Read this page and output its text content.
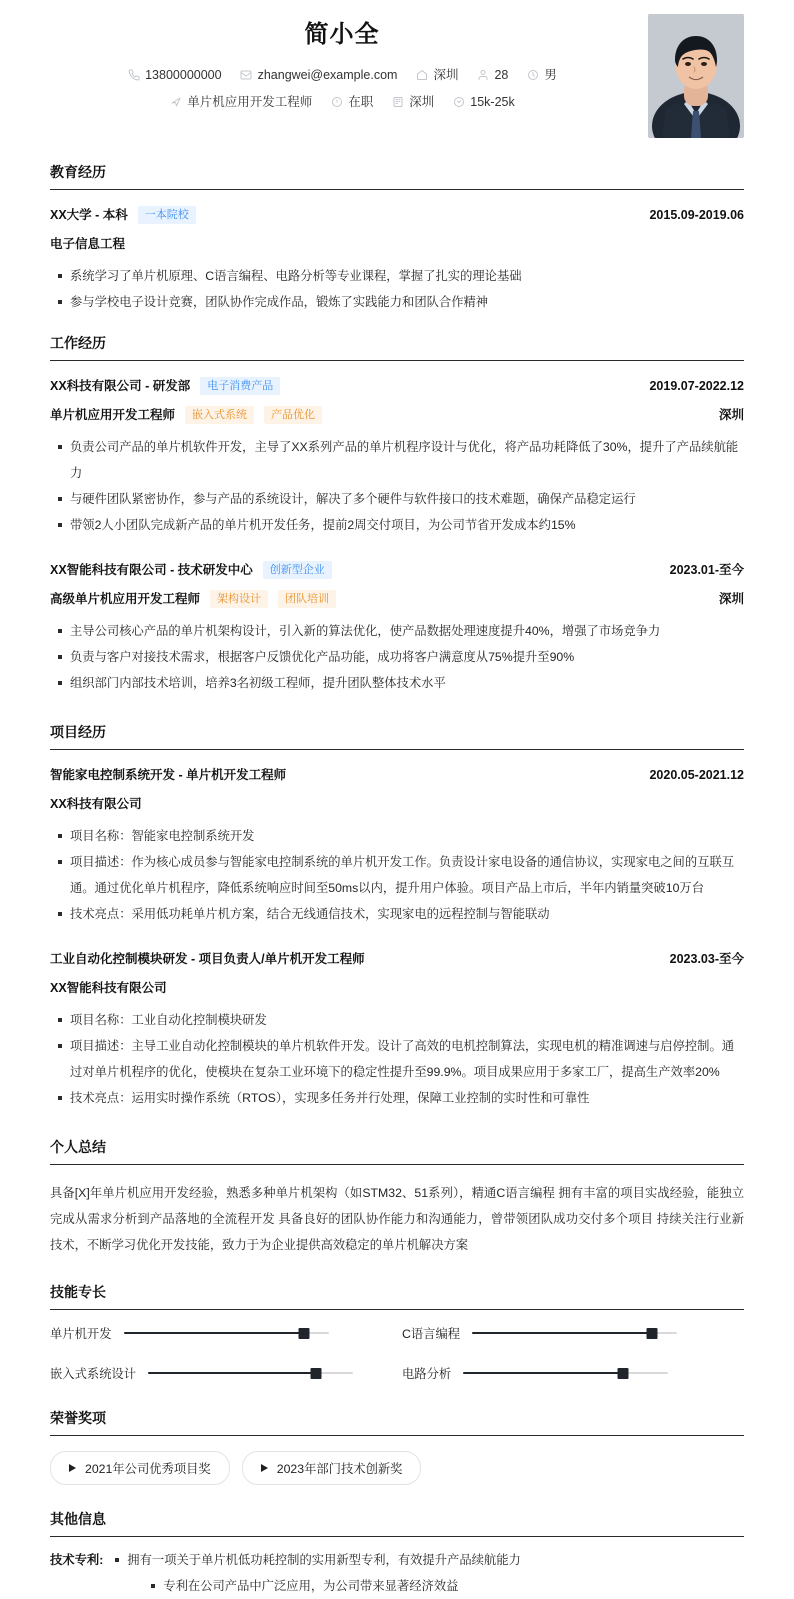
简小全
13800000000	zhangwei@example.com	深圳	28	男
单片机应用开发工程师	在职	深圳	15k-25k
教育经历
XX大学 - 本科	一本院校	2015.09-2019.06
电子信息工程
系统学习了单片机原理、C语言编程、电路分析等专业课程，掌握了扎实的理论基础
参与学校电子设计竞赛，团队协作完成作品，锻炼了实践能力和团队合作精神
工作经历
XX科技有限公司 - 研发部	电子消费产品	2019.07-2022.12
单片机应用开发工程师	嵌入式系统	产品优化	深圳
负责公司产品的单片机软件开发，主导了XX系列产品的单片机程序设计与优化，将产品功耗降低了30%，提升了产品续航能力
与硬件团队紧密协作，参与产品的系统设计，解决了多个硬件与软件接口的技术难题，确保产品稳定运行
带领2人小团队完成新产品的单片机开发任务，提前2周交付项目，为公司节省开发成本约15%
XX智能科技有限公司 - 技术研发中心	创新型企业	2023.01-至今
高级单片机应用开发工程师	架构设计	团队培训	深圳
主导公司核心产品的单片机架构设计，引入新的算法优化，使产品数据处理速度提升40%，增强了市场竞争力
负责与客户对接技术需求，根据客户反馈优化产品功能，成功将客户满意度从75%提升至90%
组织部门内部技术培训，培养3名初级工程师，提升团队整体技术水平
项目经历
智能家电控制系统开发 - 单片机开发工程师	2020.05-2021.12
XX科技有限公司
项目名称：智能家电控制系统开发
项目描述：作为核心成员参与智能家电控制系统的单片机开发工作。负责设计家电设备的通信协议，实现家电之间的互联互通。通过优化单片机程序，降低系统响应时间至50ms以内，提升用户体验。项目产品上市后，半年内销量突破10万台
技术亮点：采用低功耗单片机方案，结合无线通信技术，实现家电的远程控制与智能联动
工业自动化控制模块研发 - 项目负责人/单片机开发工程师	2023.03-至今
XX智能科技有限公司
项目名称：工业自动化控制模块研发
项目描述：主导工业自动化控制模块的单片机软件开发。设计了高效的电机控制算法，实现电机的精准调速与启停控制。通过对单片机程序的优化，使模块在复杂工业环境下的稳定性提升至99.9%。项目成果应用于多家工厂，提高生产效率20%
技术亮点：运用实时操作系统（RTOS），实现多任务并行处理，保障工业控制的实时性和可靠性
个人总结
具备[X]年单片机应用开发经验，熟悉多种单片机架构（如STM32、51系列），精通C语言编程 拥有丰富的项目实战经验，能独立完成从需求分析到产品落地的全流程开发 具备良好的团队协作能力和沟通能力，曾带领团队成功交付多个项目 持续关注行业新技术，不断学习优化开发技能，致力于为企业提供高效稳定的单片机解决方案
技能专长
单片机开发	C语言编程
嵌入式系统设计	电路分析
荣誉奖项
2021年公司优秀项目奖	2023年部门技术创新奖
其他信息
技术专利:	拥有一项关于单片机低功耗控制的实用新型专利，有效提升产品续航能力
专利在公司产品中广泛应用，为公司带来显著经济效益
